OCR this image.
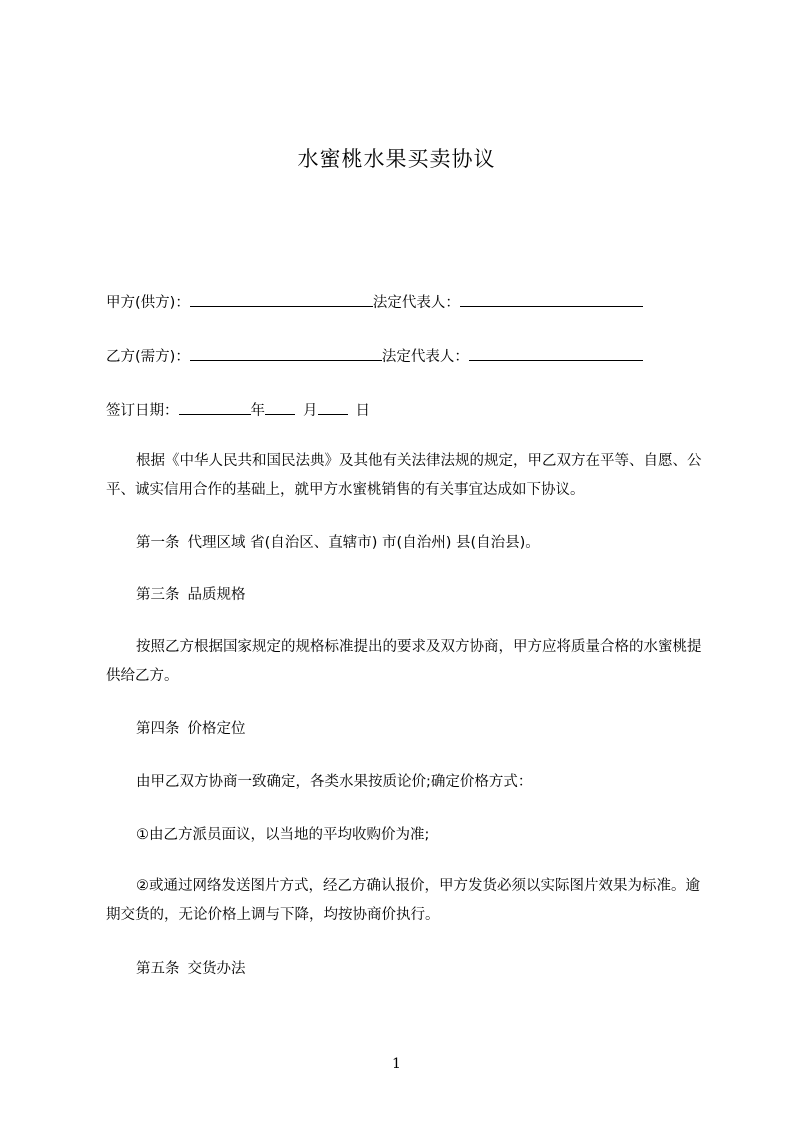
水蜜桃水果买卖协议
甲方(供方)：	法定代表人：
乙方(需方)：	法定代表人：
签订日期：	年	月	日
根据《中华人民共和国民法典》及其他有关法律法规的规定，甲乙双方在平等、自愿、公平、诚实信用合作的基础上，就甲方水蜜桃销售的有关事宜达成如下协议。
第一条 代理区域 省(自治区、直辖市) 市(自治州) 县(自治县)。
第三条 品质规格
按照乙方根据国家规定的规格标准提出的要求及双方协商，甲方应将质量合格的水蜜桃提供给乙方。
第四条 价格定位
由甲乙双方协商一致确定，各类水果按质论价;确定价格方式：
①由乙方派员面议，以当地的平均收购价为准;
②或通过网络发送图片方式，经乙方确认报价，甲方发货必须以实际图片效果为标准。逾期交货的，无论价格上调与下降，均按协商价执行。
第五条 交货办法
1
